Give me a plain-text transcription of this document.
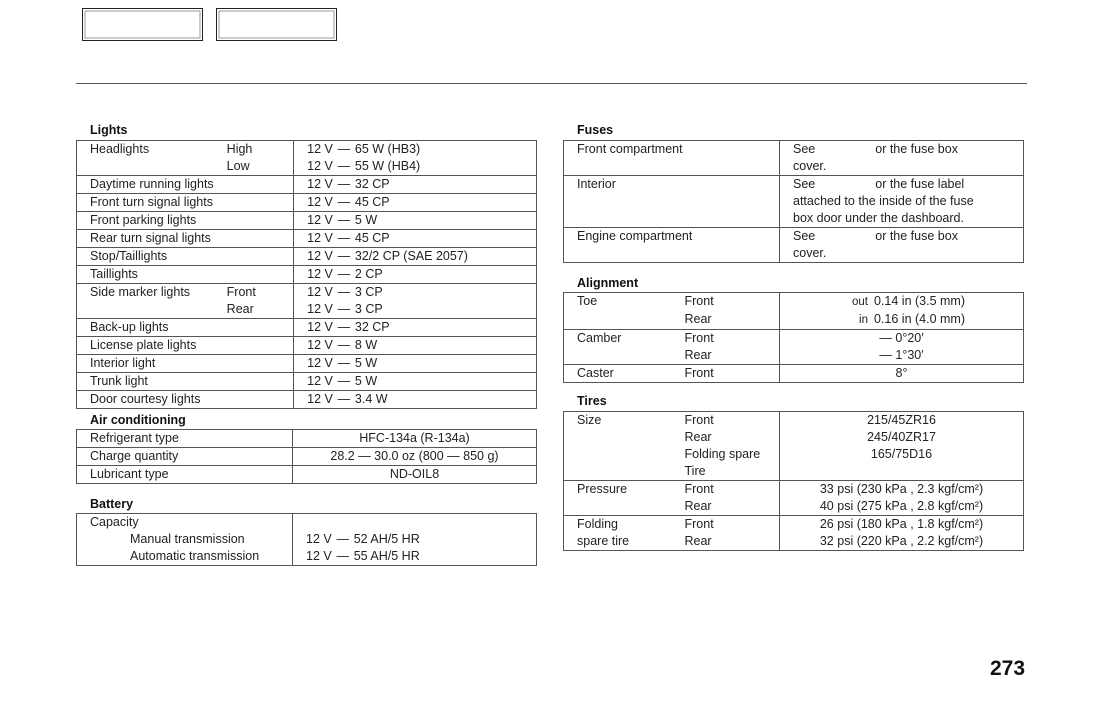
Lights
Headlights	High	12 V — 65 W (HB3)
	Low	12 V — 55 W (HB4)
Daytime running lights		12 V — 32 CP
Front turn signal lights		12 V — 45 CP
Front parking lights		12 V — 5 W
Rear turn signal lights		12 V — 45 CP
Stop/Taillights		12 V — 32/2 CP (SAE 2057)
Taillights		12 V — 2 CP
Side marker lights	Front	12 V — 3 CP
	Rear	12 V — 3 CP
Back-up lights		12 V — 32 CP
License plate lights		12 V — 8 W
Interior light		12 V — 5 W
Trunk light		12 V — 5 W
Door courtesy lights		12 V — 3.4 W
Air conditioning
Refrigerant type	HFC-134a (R-134a)
Charge quantity	28.2 — 30.0 oz (800 — 850 g)
Lubricant type	ND-OIL8
Battery
Capacity	
Manual transmission	12 V — 52 AH/5 HR
Automatic transmission	12 V — 55 AH/5 HR
Fuses
Front compartment	See or the fuse box
cover.

Interior	See or the fuse label
attached to the inside of the fuse
box door under the dashboard.

Engine compartment	See or the fuse box
cover.
Alignment
Toe	Front	out 0.14 in (3.5 mm)
	Rear	in 0.16 in (4.0 mm)
Camber	Front	— 0°20′
	Rear	— 1°30′
Caster	Front	8°
Tires
Size	Front	215/45ZR16
	Rear	245/40ZR17
	Folding spare	165/75D16
	Tire	
Pressure	Front	33 psi (230 kPa , 2.3 kgf/cm²)
	Rear	40 psi (275 kPa , 2.8 kgf/cm²)
Folding	Front	26 psi (180 kPa , 1.8 kgf/cm²)
spare tire	Rear	32 psi (220 kPa , 2.2 kgf/cm²)
273
